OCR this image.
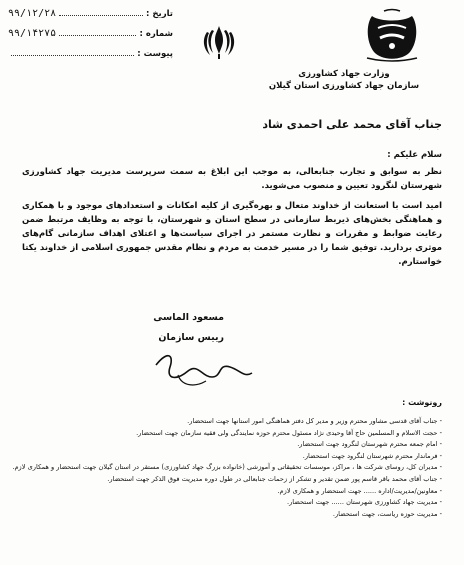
تاریخ :
۹۹/۱۲/۲۸
شماره :
۹۹/۱۴۲۷۵
پیوست :
وزارت جهاد کشاورزی
سازمان جهاد کشاورزی استان گیلان
جناب آقای محمد علی احمدی شاد
سلام علیکم :

نظر به سوابق و تجارب جنابعالی، به موجب این ابلاغ به سمت سرپرست مدیریت جهاد کشاورزی شهرستان لنگرود تعیین و منصوب می‌شوید.

امید است با استعانت از خداوند متعال و بهره‌گیری از کلیه امکانات و استعدادهای موجود و با همکاری و هماهنگی بخش‌های ذیربط سازمانی در سطح استان و شهرستان، با توجه به وظایف مرتبط ضمن رعایت ضوابط و مقررات و نظارت مستمر در اجرای سیاست‌ها و اعتلای اهداف سازمانی گام‌های موثری بردارید. توفیق شما را در مسیر خدمت به مردم و نظام مقدس جمهوری اسلامی از خداوند یکتا خواستارم.

مسعود الماسی
رییس سازمان
رونوشت :
- جناب آقای قدسی مشاور محترم وزیر و مدیر کل دفتر هماهنگی امور استانها جهت استحضار.
- حجت الاسلام و المسلمین حاج آقا وحیدی نژاد مسئول محترم حوزه نمایندگی ولی فقیه سازمان جهت استحضار.
- امام جمعه محترم شهرستان لنگرود جهت استحضار.
- فرماندار محترم شهرستان لنگرود جهت استحضار.
- مدیران کل، روسای شرکت ها ، مراکز، موسسات تحقیقاتی و آموزشی (خانواده بزرگ جهاد کشاورزی) مستقر در استان گیلان جهت استحضار و همکاری لازم.
- جناب آقای محمد باقر قاسم پور ضمن تقدیر و تشکر از زحمات جنابعالی در طول دوره مدیریت فوق الذکر جهت استحضار.
- معاونین/مدیریت/اداره ...... جهت استحضار و همکاری لازم.
- مدیریت جهاد کشاورزی شهرستان ...... جهت استحضار.
- مدیریت حوزه ریاست، جهت استحضار.
